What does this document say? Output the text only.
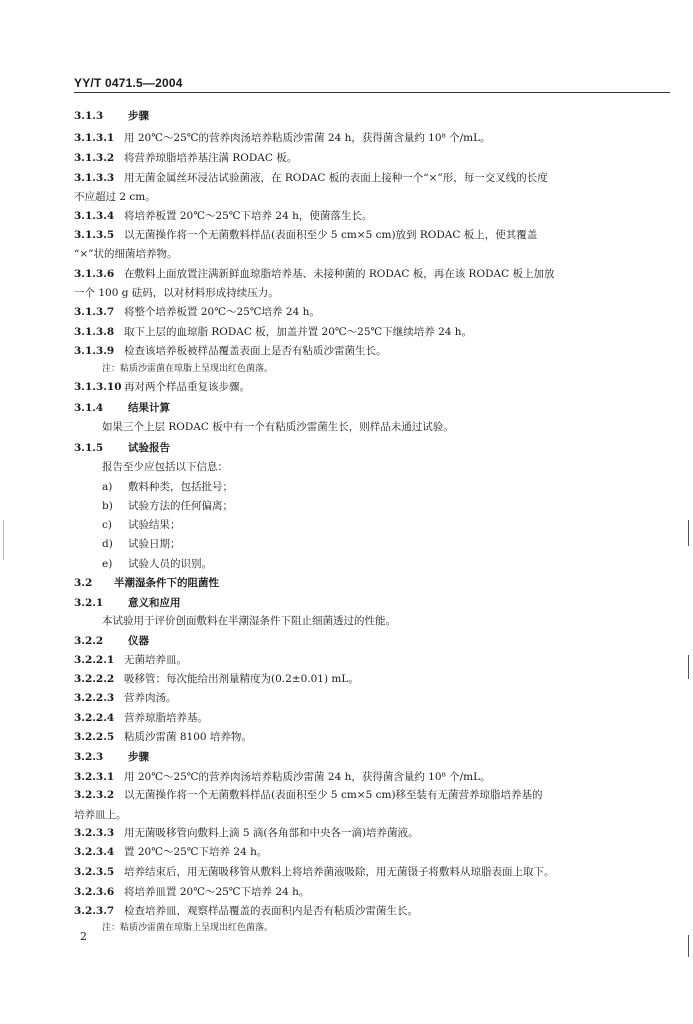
YY/T 0471.5—2004
3.1.3 步骤
3.1.3.1 用 20℃～25℃的营养肉汤培养粘质沙雷菌 24 h，获得菌含量约 10⁸ 个/mL。
3.1.3.2 将营养琼脂培养基注满 RODAC 板。
3.1.3.3 用无菌金属丝环浸沾试验菌液，在 RODAC 板的表面上接种一个“×”形，每一交叉线的长度
不应超过 2 cm。
3.1.3.4 将培养板置 20℃～25℃下培养 24 h，使菌落生长。
3.1.3.5 以无菌操作将一个无菌敷料样品(表面积至少 5 cm×5 cm)放到 RODAC 板上，使其覆盖
“×”状的细菌培养物。
3.1.3.6 在敷料上面放置注满新鲜血琼脂培养基、未接种菌的 RODAC 板，再在该 RODAC 板上加放
一个 100 g 砝码，以对材料形成持续压力。
3.1.3.7 将整个培养板置 20℃～25℃培养 24 h。
3.1.3.8 取下上层的血琼脂 RODAC 板，加盖并置 20℃～25℃下继续培养 24 h。
3.1.3.9 检查该培养板被样品覆盖表面上是否有粘质沙雷菌生长。
注：粘质沙雷菌在琼脂上呈现出红色菌落。
3.1.3.10 再对两个样品重复该步骤。
3.1.4 结果计算
如果三个上层 RODAC 板中有一个有粘质沙雷菌生长，则样品未通过试验。
3.1.5 试验报告
报告至少应包括以下信息：
a) 敷料种类，包括批号；
b) 试验方法的任何偏离；
c) 试验结果；
d) 试验日期；
e) 试验人员的识别。
3.2 半潮湿条件下的阻菌性
3.2.1 意义和应用
本试验用于评价创面敷料在半潮湿条件下阻止细菌透过的性能。
3.2.2 仪器
3.2.2.1 无菌培养皿。
3.2.2.2 吸移管：每次能给出剂量精度为(0.2±0.01) mL。
3.2.2.3 营养肉汤。
3.2.2.4 营养琼脂培养基。
3.2.2.5 粘质沙雷菌 8100 培养物。
3.2.3 步骤
3.2.3.1 用 20℃～25℃的营养肉汤培养粘质沙雷菌 24 h，获得菌含量约 10⁸ 个/mL。
3.2.3.2 以无菌操作将一个无菌敷料样品(表面积至少 5 cm×5 cm)移至装有无菌营养琼脂培养基的
培养皿上。
3.2.3.3 用无菌吸移管向敷料上滴 5 滴(各角部和中央各一滴)培养菌液。
3.2.3.4 置 20℃～25℃下培养 24 h。
3.2.3.5 培养结束后，用无菌吸移管从敷料上将培养菌液吸除，用无菌镊子将敷料从琼脂表面上取下。
3.2.3.6 将培养皿置 20℃～25℃下培养 24 h。
3.2.3.7 检查培养皿，观察样品覆盖的表面积内是否有粘质沙雷菌生长。
注：粘质沙雷菌在琼脂上呈现出红色菌落。
2
